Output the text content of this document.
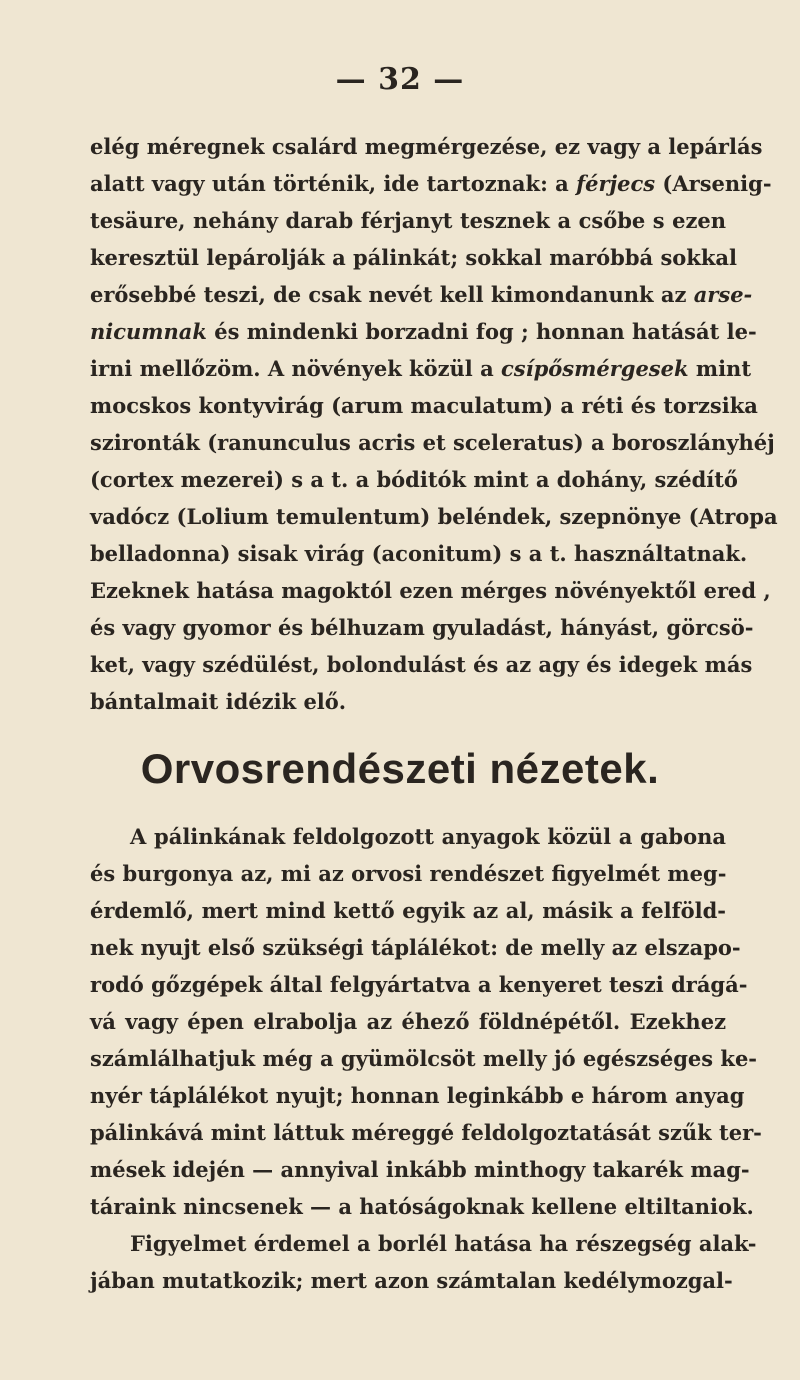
— 32 —
elég méregnek csalárd megmérgezése, ez vagy a lepárlás
alatt vagy után történik, ide tartoznak: a férjecs (Arsenig-
tesäure, nehány darab férjanyt tesznek a csőbe s ezen
keresztül lepárolják a pálinkát; sokkal maróbbá sokkal
erősebbé teszi, de csak nevét kell kimondanunk az arse-
nicumnak és mindenki borzadni fog ; honnan hatását le-
irni mellőzöm. A növények közül a csípősmérgesek mint
mocskos kontyvirág (arum maculatum) a réti és torzsika
szironták (ranunculus acris et sceleratus) a boroszlányhéj
(cortex mezerei) s a t. a bóditók mint a dohány, szédítő
vadócz (Lolium temulentum) beléndek, szepnönye (Atropa
belladonna) sisak virág (aconitum) s a t. használtatnak.
Ezeknek hatása magoktól ezen mérges növényektől ered ,
és vagy gyomor és bélhuzam gyuladást, hányást, görcsö-
ket, vagy szédülést, bolondulást és az agy és idegek más
bántalmait idézik elő.
Orvosrendészeti nézetek.
A pálinkának feldolgozott anyagok közül a gabona
és burgonya az, mi az orvosi rendészet figyelmét meg-
érdemlő, mert mind kettő egyik az al, másik a felföld-
nek nyujt első szükségi táplálékot: de melly az elszapo-
rodó gőzgépek által felgyártatva a kenyeret teszi drágá-
vá vagy épen elrabolja az éhező földnépétől. Ezekhez
számlálhatjuk még a gyümölcsöt melly jó egészséges ke-
nyér táplálékot nyujt; honnan leginkább e három anyag
pálinkává mint láttuk méreggé feldolgoztatását szűk ter-
mések idején — annyival inkább minthogy takarék mag-
táraink nincsenek — a hatóságoknak kellene eltiltaniok.
Figyelmet érdemel a borlél hatása ha részegség alak-
jában mutatkozik; mert azon számtalan kedélymozgal-
